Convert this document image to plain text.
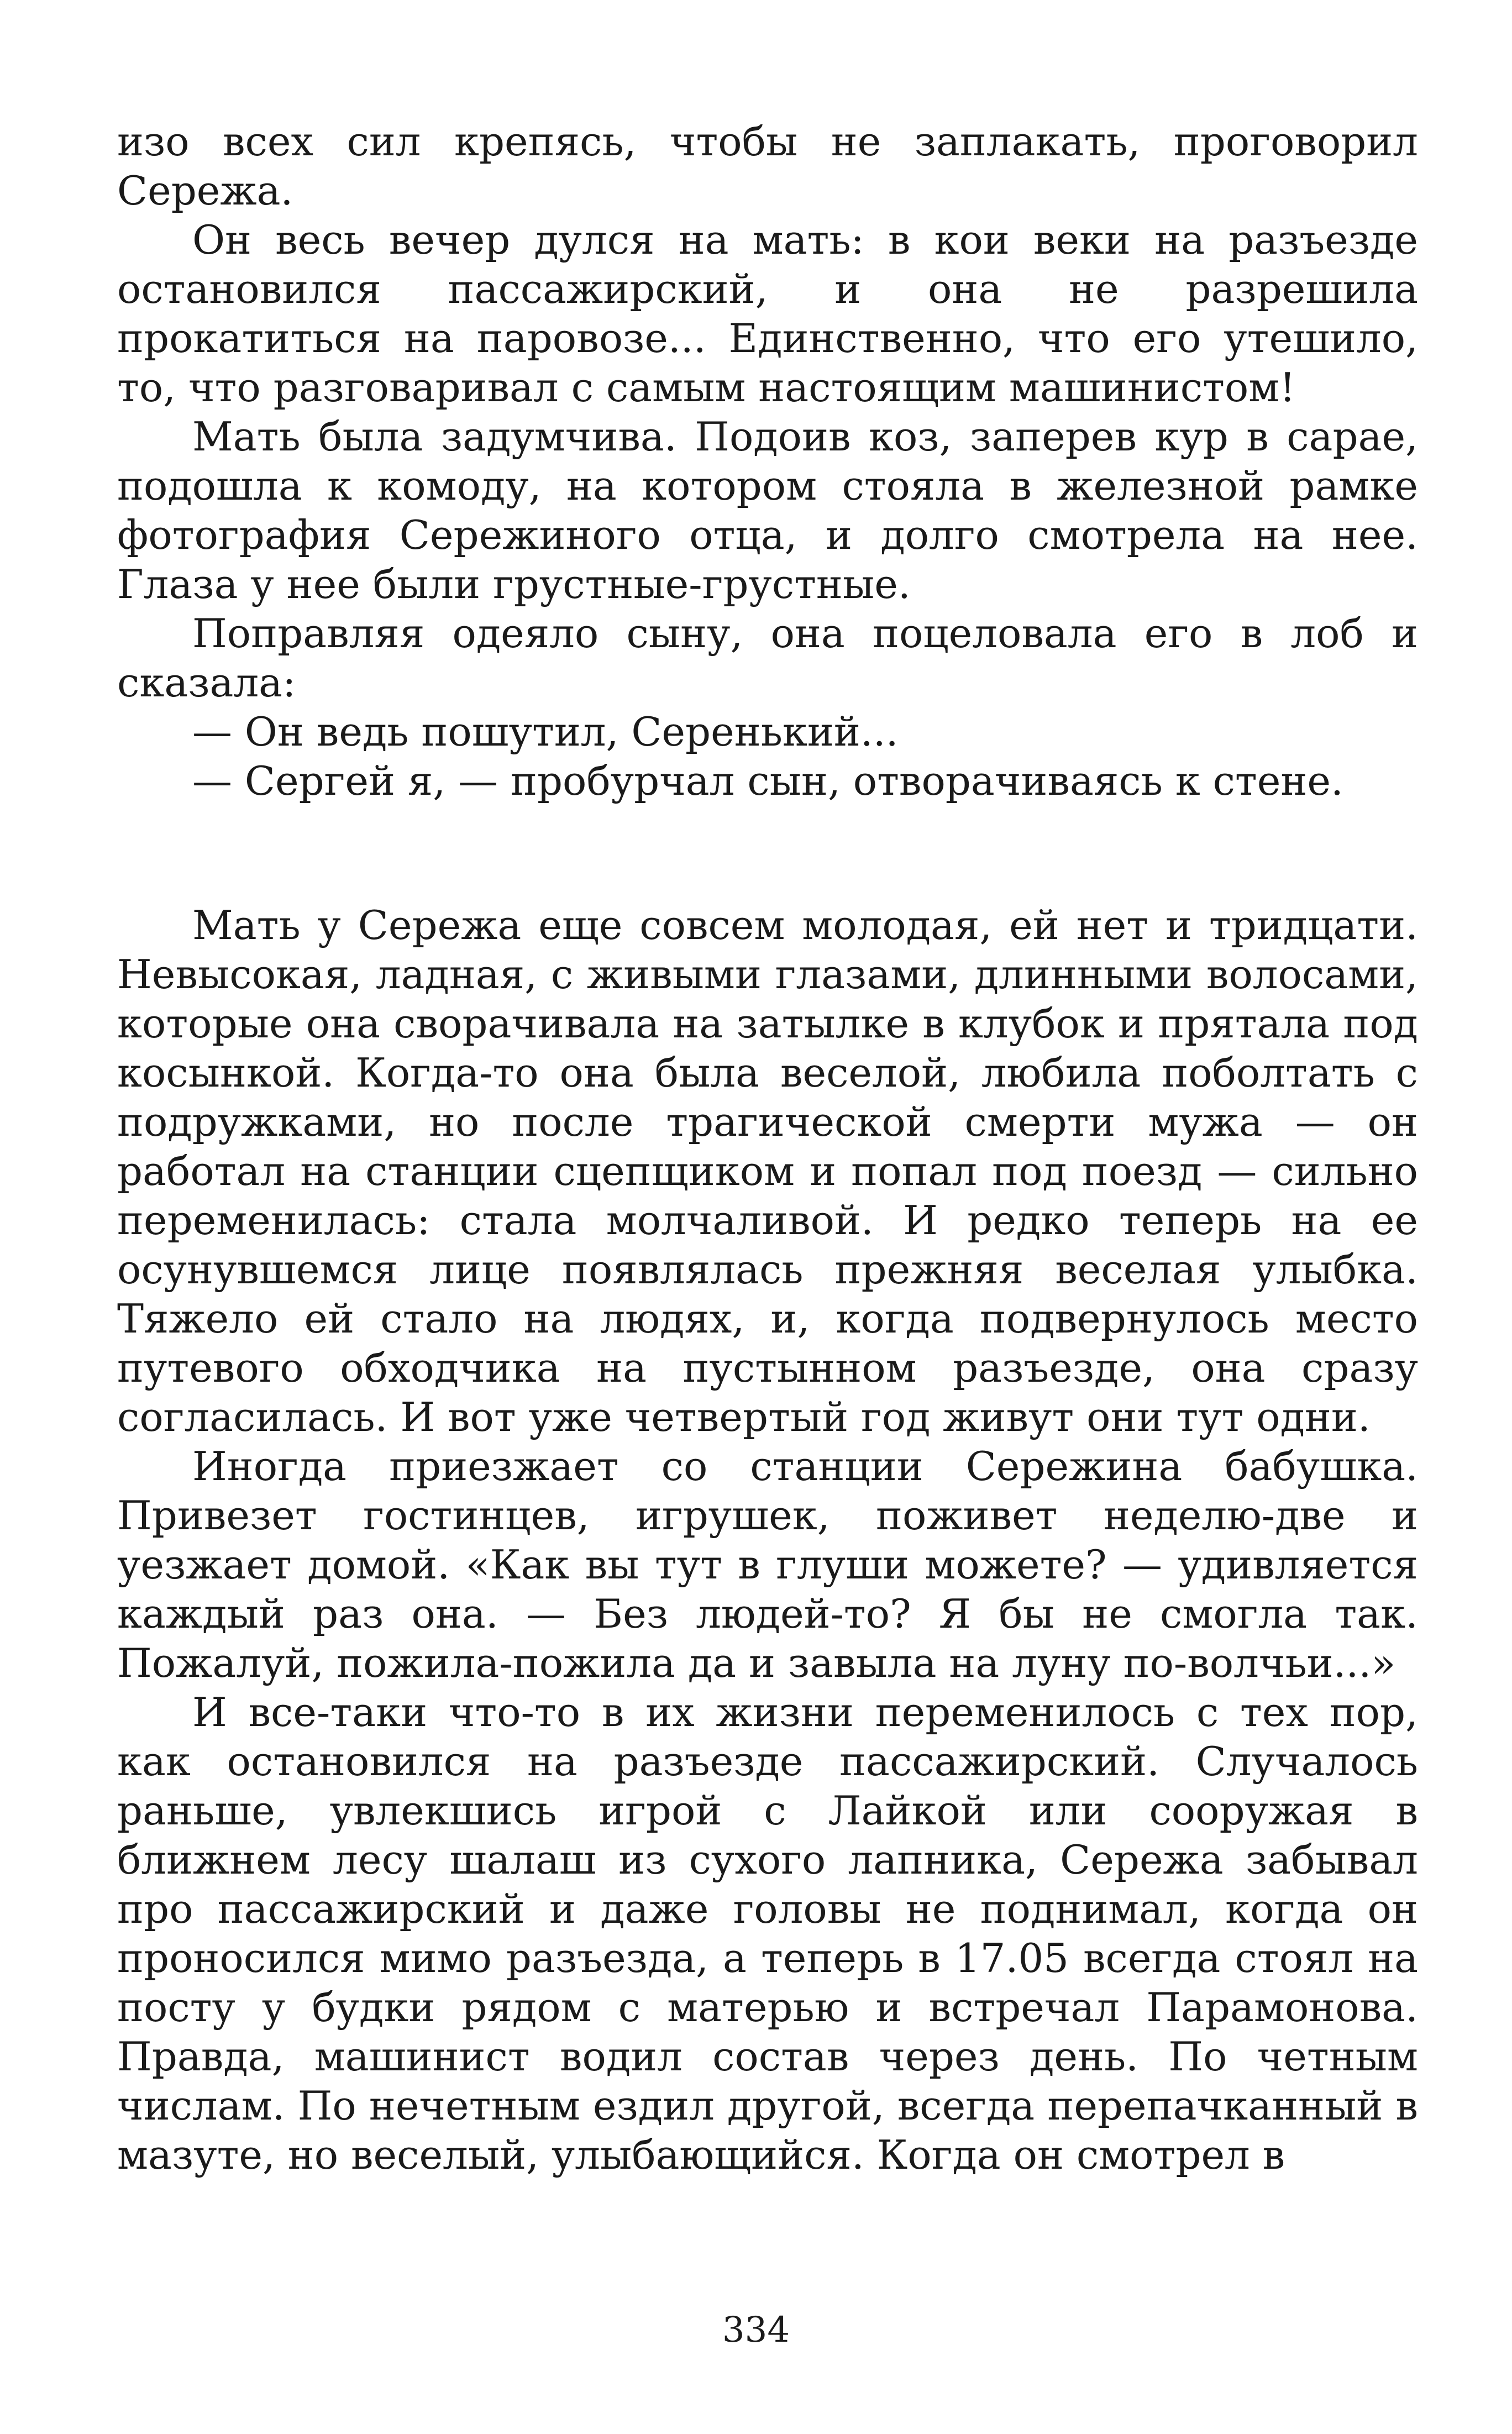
изо всех сил крепясь, чтобы не заплакать, проговорил Сережа.

Он весь вечер дулся на мать: в кои веки на разъезде остановился пассажирский, и она не разрешила прокатиться на паровозе... Единственно, что его утешило, то, что разговаривал с самым настоящим машинистом!

Мать была задумчива. Подоив коз, заперев кур в сарае, подошла к комоду, на котором стояла в железной рамке фотография Сережиного отца, и долго смотрела на нее. Глаза у нее были грустные-грустные.

Поправляя одеяло сыну, она поцеловала его в лоб и сказала:

— Он ведь пошутил, Серенький...

— Сергей я, — пробурчал сын, отворачиваясь к стене.

Мать у Сережа еще совсем молодая, ей нет и тридцати. Невысокая, ладная, с живыми глазами, длинными волосами, которые она сворачивала на затылке в клубок и прятала под косынкой. Когда-то она была веселой, любила поболтать с подружками, но после трагической смерти мужа — он работал на станции сцепщиком и попал под поезд — сильно переменилась: стала молчаливой. И редко теперь на ее осунувшемся лице появлялась прежняя веселая улыбка. Тяжело ей стало на людях, и, когда подвернулось место путевого обходчика на пустынном разъезде, она сразу согласилась. И вот уже четвертый год живут они тут одни.

Иногда приезжает со станции Сережина бабушка. Привезет гостинцев, игрушек, поживет неделю-две и уезжает домой. «Как вы тут в глуши можете? — удивляется каждый раз она. — Без людей-то? Я бы не смогла так. Пожалуй, пожила-пожила да и завыла на луну по-волчьи...»

И все-таки что-то в их жизни переменилось с тех пор, как остановился на разъезде пассажирский. Случалось раньше, увлекшись игрой с Лайкой или сооружая в ближнем лесу шалаш из сухого лапника, Сережа забывал про пассажирский и даже головы не поднимал, когда он проносился мимо разъезда, а теперь в 17.05 всегда стоял на посту у будки рядом с матерью и встречал Парамонова. Правда, машинист водил состав через день. По четным числам. По нечетным ездил другой, всегда перепачканный в мазуте, но веселый, улыбающийся. Когда он смотрел в

334
